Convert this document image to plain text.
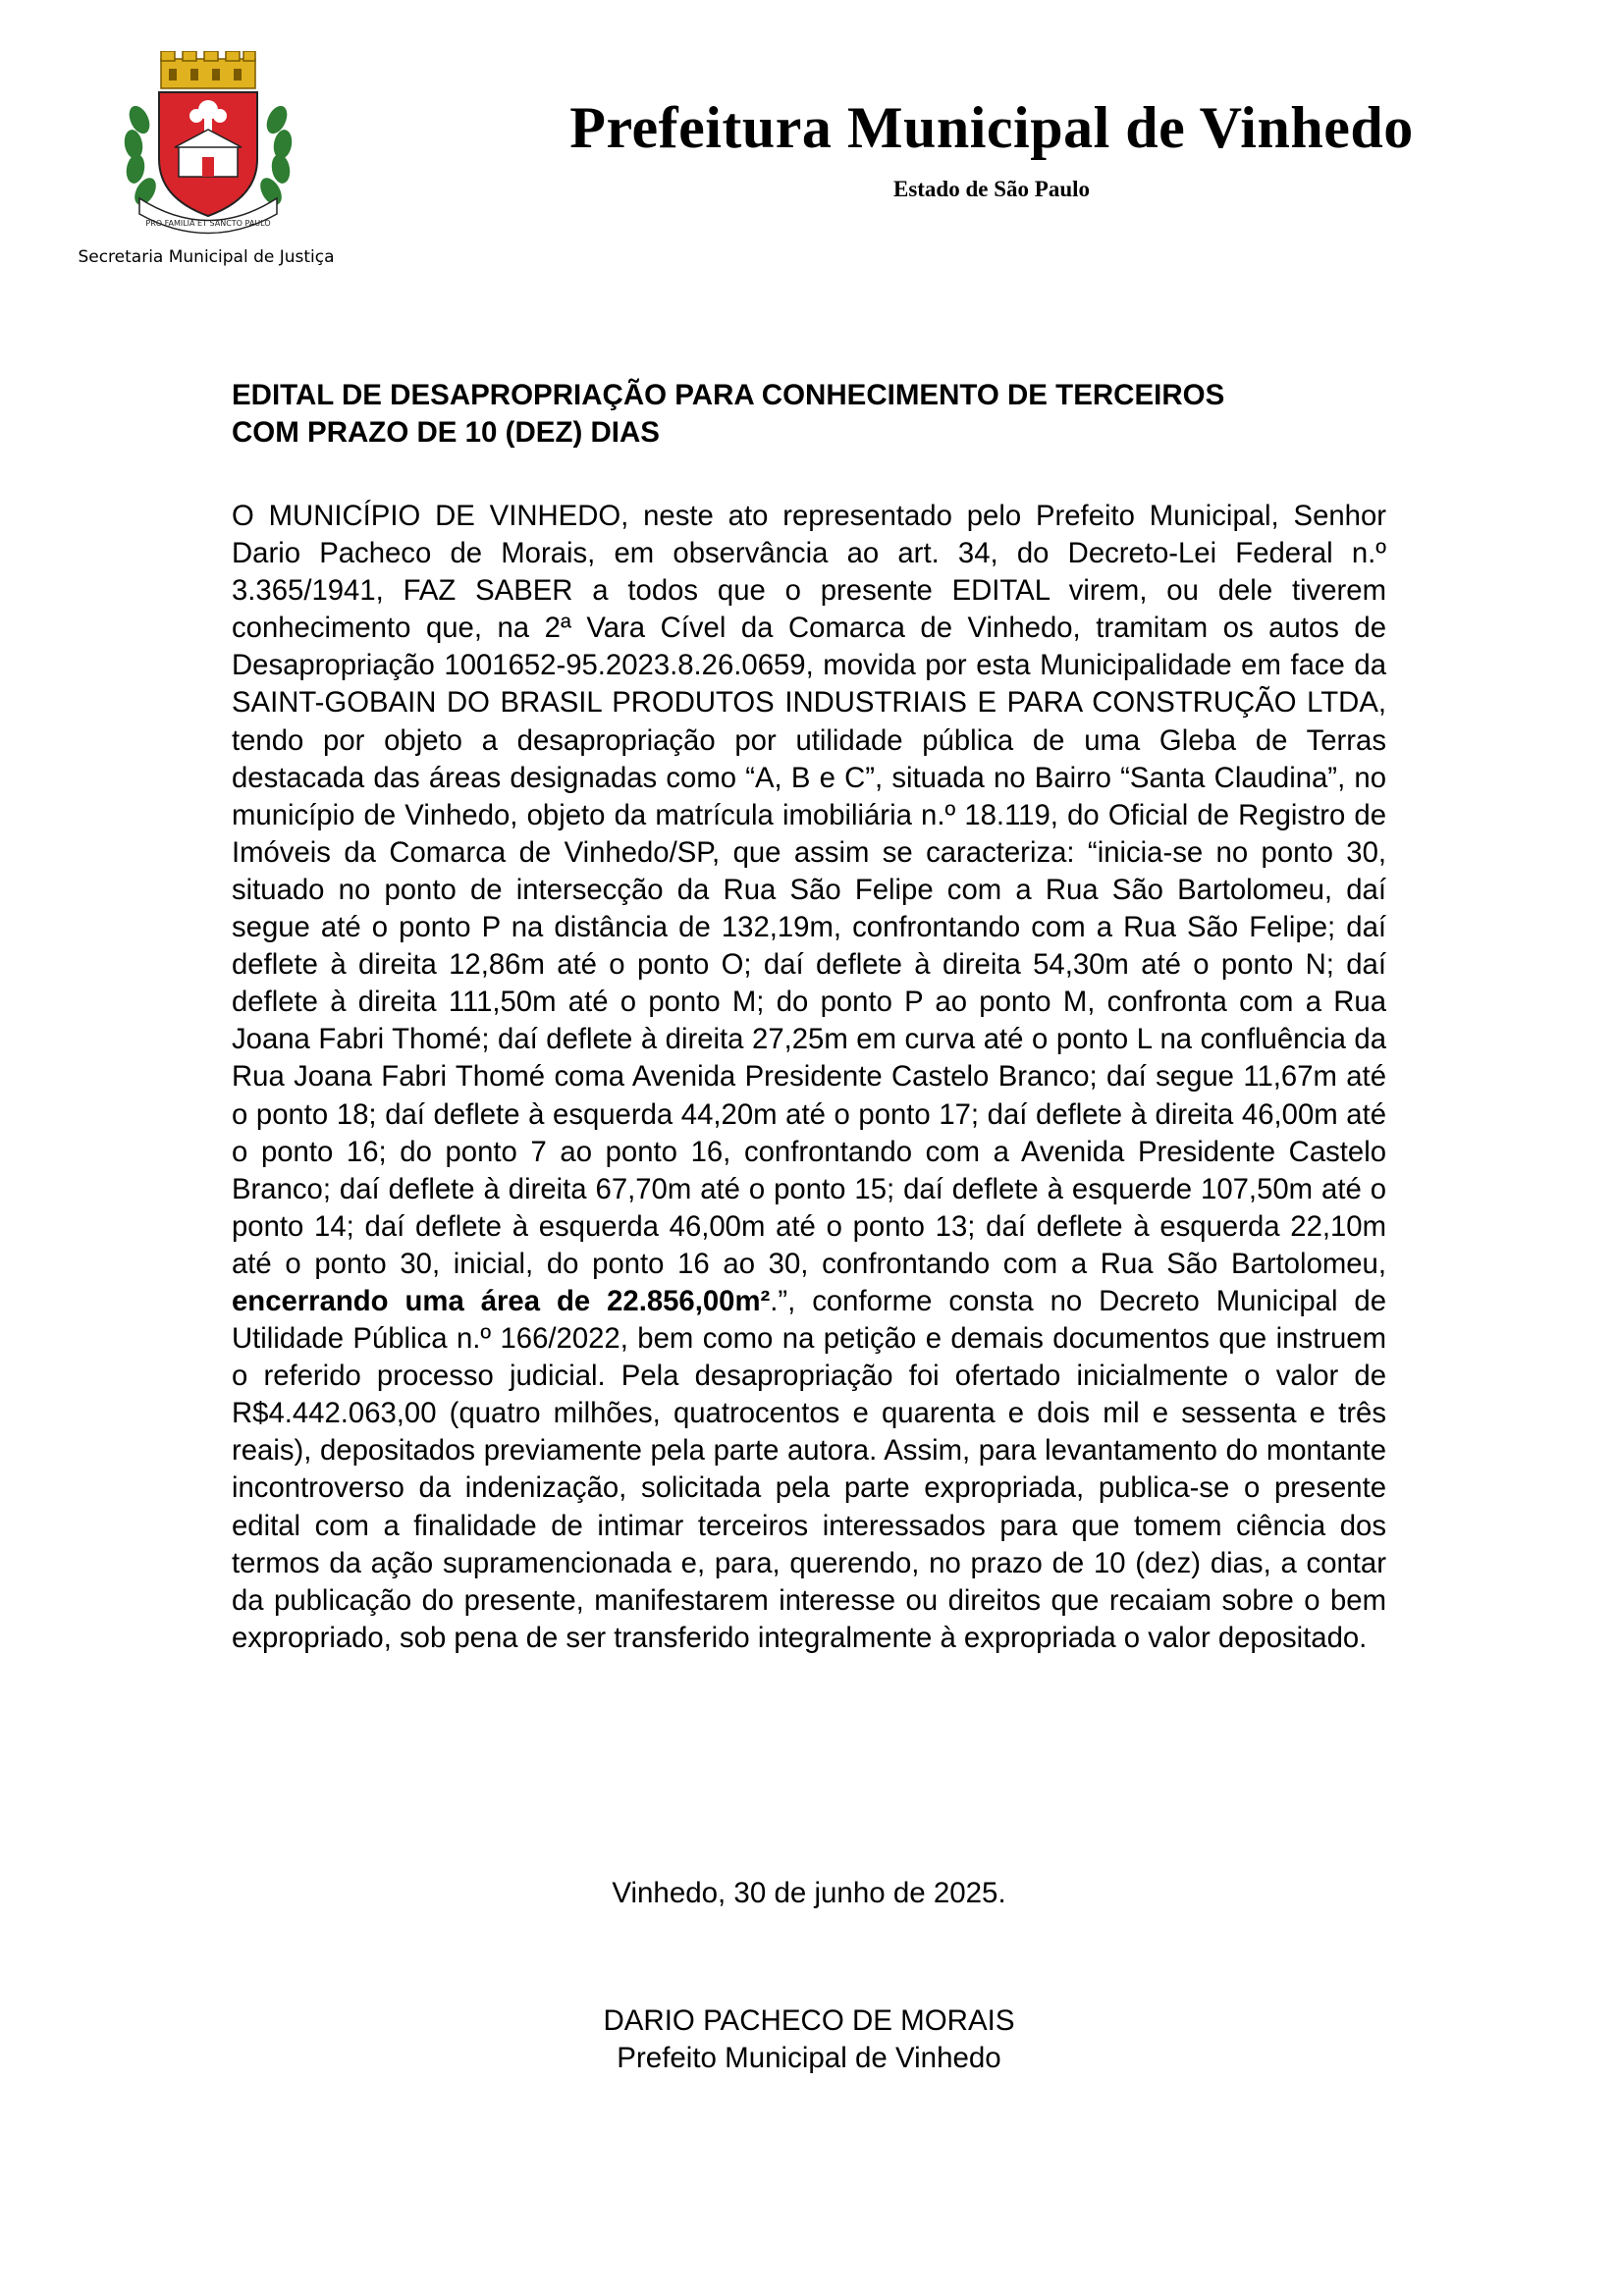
PRO FAMILIA ET SANCTO PAULO
Secretaria Municipal de Justiça
Prefeitura Municipal de Vinhedo
Estado de São Paulo
EDITAL DE DESAPROPRIAÇÃO PARA CONHECIMENTO DE TERCEIROS
COM PRAZO DE 10 (DEZ) DIAS

O MUNICÍPIO DE VINHEDO, neste ato representado pelo Prefeito Municipal, Senhor Dario Pacheco de Morais, em observância ao art. 34, do Decreto-Lei Federal n.º 3.365/1941, FAZ SABER a todos que o presente EDITAL virem, ou dele tiverem conhecimento que, na 2ª Vara Cível da Comarca de Vinhedo, tramitam os autos de Desapropriação 1001652-95.2023.8.26.0659, movida por esta Municipalidade em face da SAINT-GOBAIN DO BRASIL PRODUTOS INDUSTRIAIS E PARA CONSTRUÇÃO LTDA, tendo por objeto a desapropriação por utilidade pública de uma Gleba de Terras destacada das áreas designadas como “A, B e C”, situada no Bairro “Santa Claudina”, no município de Vinhedo, objeto da matrícula imobiliária n.º 18.119, do Oficial de Registro de Imóveis da Comarca de Vinhedo/SP, que assim se caracteriza: “inicia-se no ponto 30, situado no ponto de intersecção da Rua São Felipe com a Rua São Bartolomeu, daí segue até o ponto P na distância de 132,19m, confrontando com a Rua São Felipe; daí deflete à direita 12,86m até o ponto O; daí deflete à direita 54,30m até o ponto N; daí deflete à direita 111,50m até o ponto M; do ponto P ao ponto M, confronta com a Rua Joana Fabri Thomé; daí deflete à direita 27,25m em curva até o ponto L na confluência da Rua Joana Fabri Thomé coma Avenida Presidente Castelo Branco; daí segue 11,67m até o ponto 18; daí deflete à esquerda 44,20m até o ponto 17; daí deflete à direita 46,00m até o ponto 16; do ponto 7 ao ponto 16, confrontando com a Avenida Presidente Castelo Branco; daí deflete à direita 67,70m até o ponto 15; daí deflete à esquerde 107,50m até o ponto 14; daí deflete à esquerda 46,00m até o ponto 13; daí deflete à esquerda 22,10m até o ponto 30, inicial, do ponto 16 ao 30, confrontando com a Rua São Bartolomeu, encerrando uma área de 22.856,00m².”, conforme consta no Decreto Municipal de Utilidade Pública n.º 166/2022, bem como na petição e demais documentos que instruem o referido processo judicial. Pela desapropriação foi ofertado inicialmente o valor de R$4.442.063,00 (quatro milhões, quatrocentos e quarenta e dois mil e sessenta e três reais), depositados previamente pela parte autora. Assim, para levantamento do montante incontroverso da indenização, solicitada pela parte expropriada, publica-se o presente edital com a finalidade de intimar terceiros interessados para que tomem ciência dos termos da ação supramencionada e, para, querendo, no prazo de 10 (dez) dias, a contar da publicação do presente, manifestarem interesse ou direitos que recaiam sobre o bem expropriado, sob pena de ser transferido integralmente à expropriada o valor depositado.

Vinhedo, 30 de junho de 2025.
DARIO PACHECO DE MORAIS
Prefeito Municipal de Vinhedo
